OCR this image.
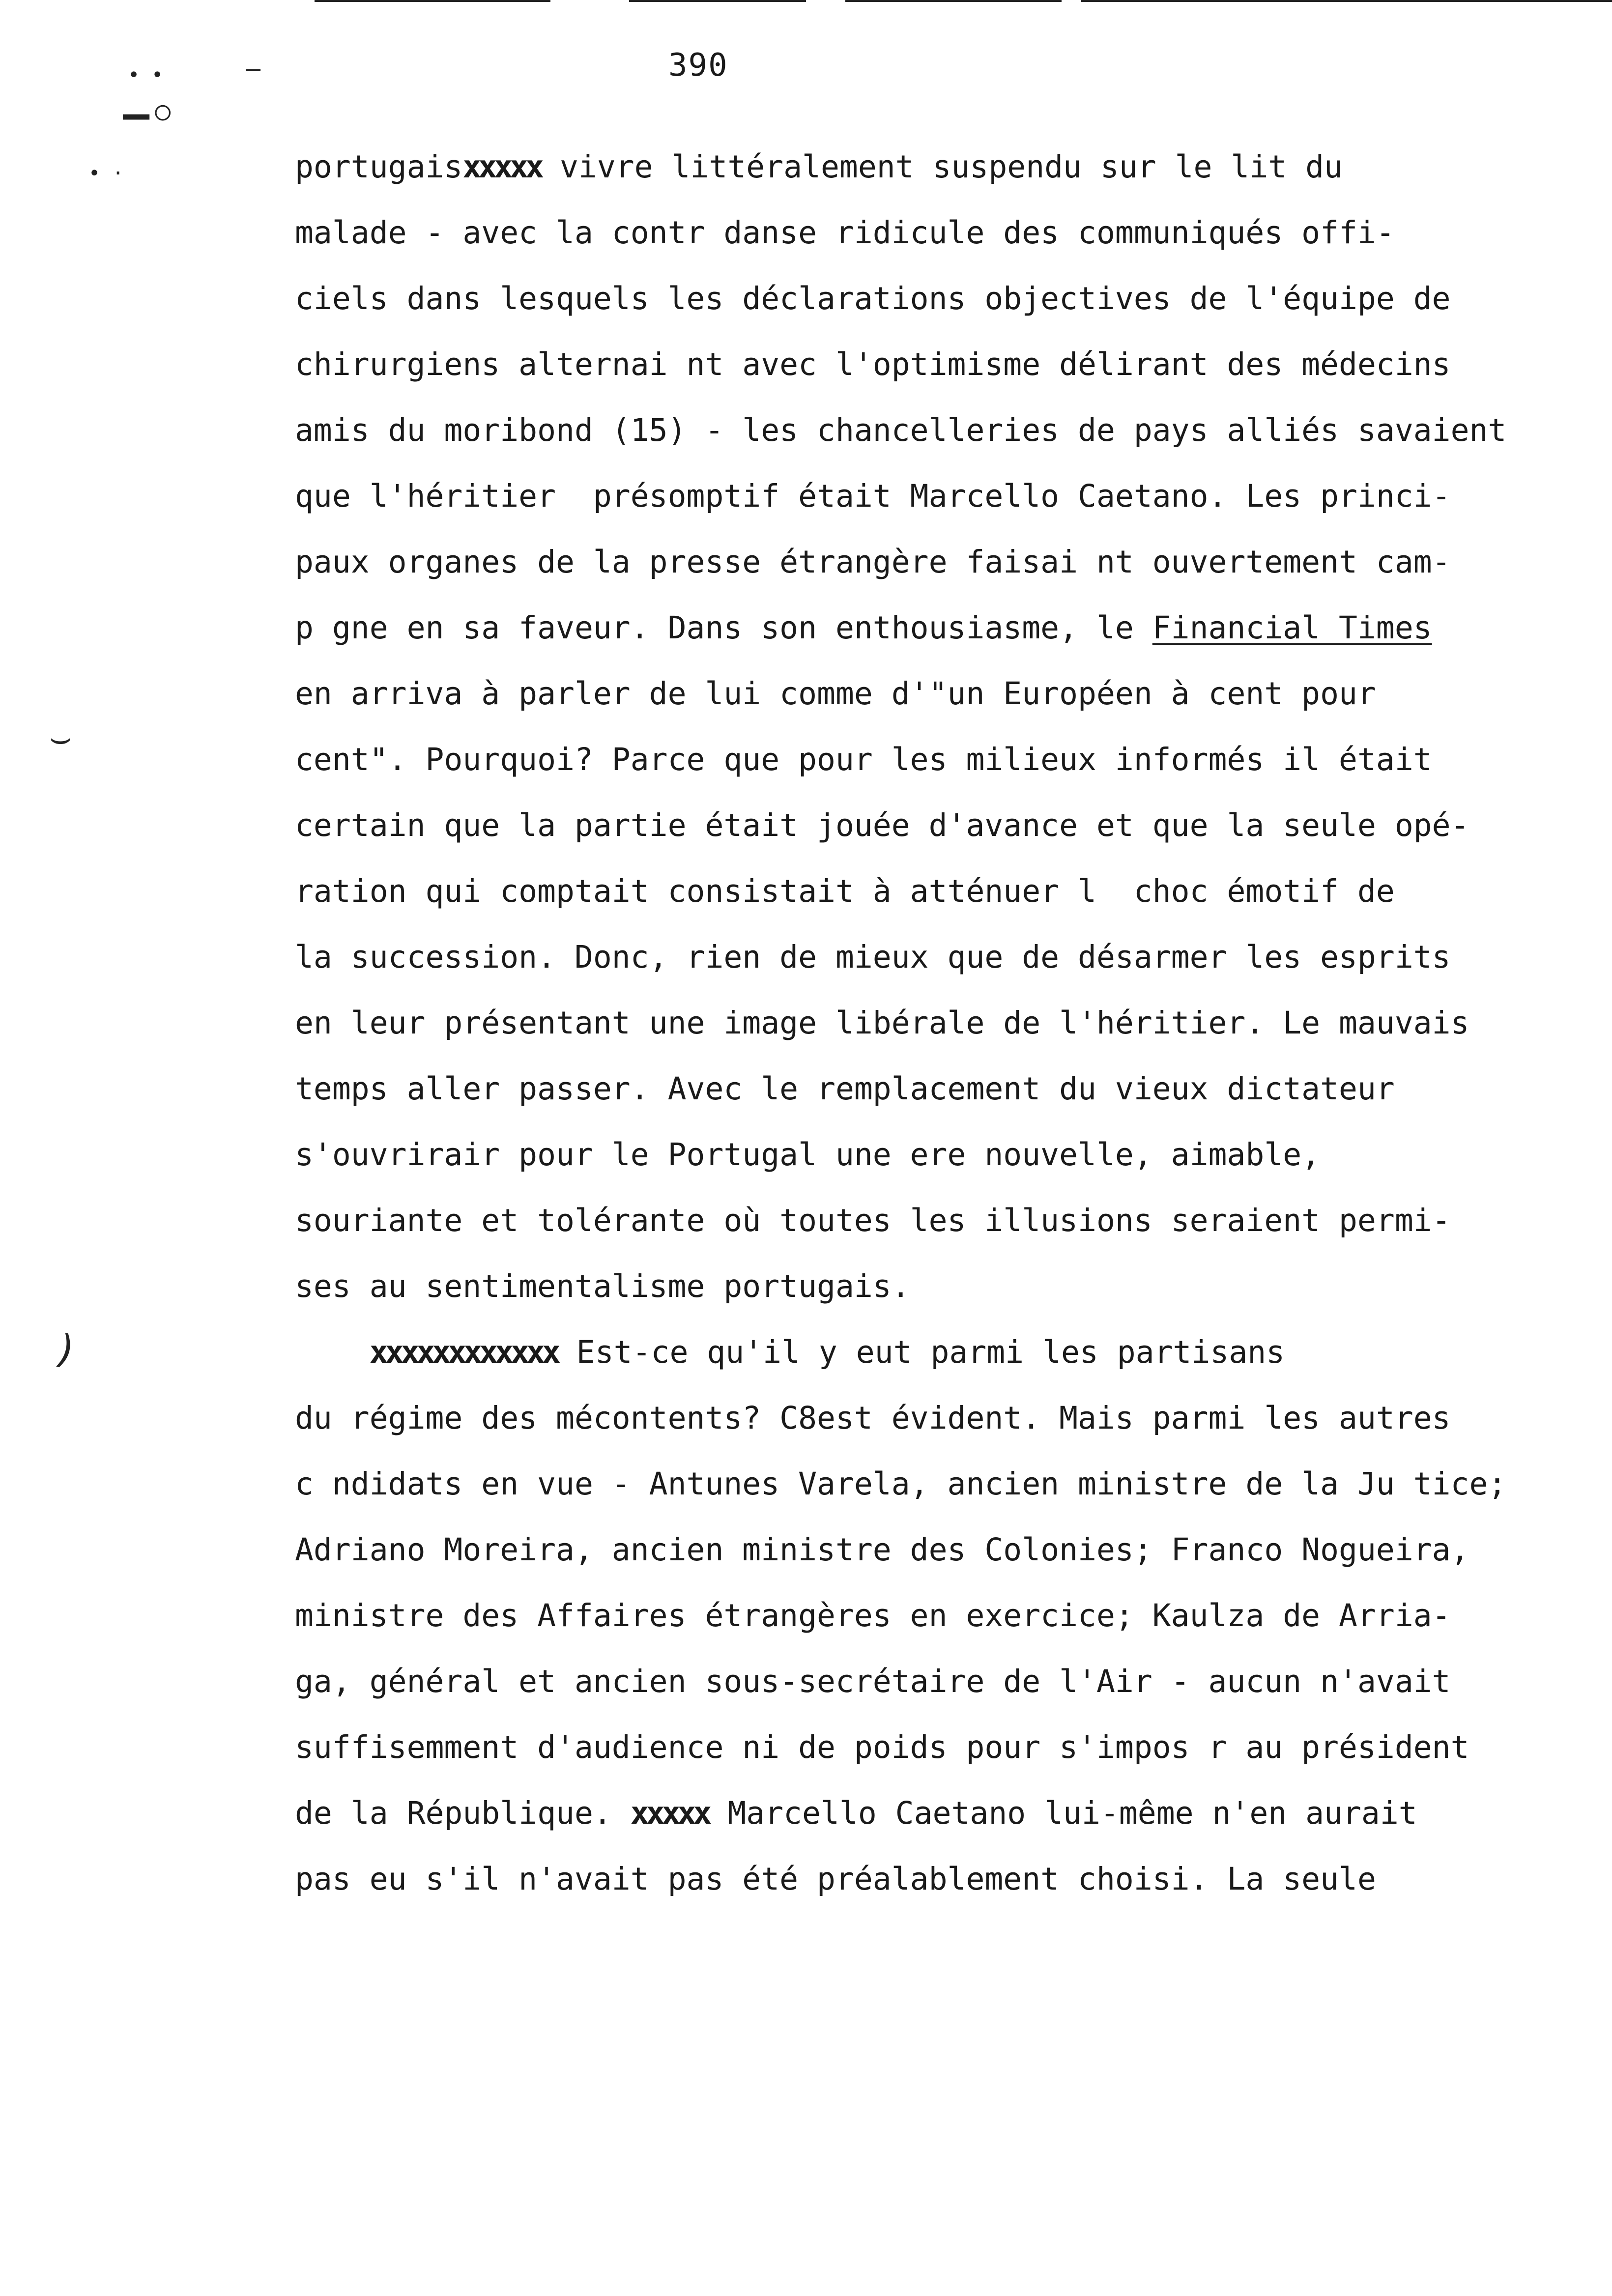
390
• •	—
―◦
• ·
⌣
)
portugaisxxxxx vivre littéralement suspendu sur le lit du
malade - avec la contr danse ridicule des communiqués offi-
ciels dans lesquels les déclarations objectives de l'équipe de
chirurgiens alternai nt avec l'optimisme délirant des médecins
amis du moribond (15) - les chancelleries de pays alliés savaient
que l'héritier  présomptif était Marcello Caetano. Les princi-
paux organes de la presse étrangère faisai nt ouvertement cam-
p gne en sa faveur. Dans son enthousiasme, le Financial Times
en arriva à parler de lui comme d'"un Européen à cent pour
cent". Pourquoi? Parce que pour les milieux informés il était
certain que la partie était jouée d'avance et que la seule opé-
ration qui comptait consistait à atténuer l  choc émotif de
la succession. Donc, rien de mieux que de désarmer les esprits
en leur présentant une image libérale de l'héritier. Le mauvais
temps aller passer. Avec le remplacement du vieux dictateur
s'ouvrirair pour le Portugal une ere nouvelle, aimable,
souriante et tolérante où toutes les illusions seraient permi-
ses au sentimentalisme portugais.
xxxxxxxxxxxx Est-ce qu'il y eut parmi les partisans
du régime des mécontents? C8est évident. Mais parmi les autres
c ndidats en vue - Antunes Varela, ancien ministre de la Ju tice;
Adriano Moreira, ancien ministre des Colonies; Franco Nogueira,
ministre des Affaires étrangères en exercice; Kaulza de Arria-
ga, général et ancien sous-secrétaire de l'Air - aucun n'avait
suffisemment d'audience ni de poids pour s'impos r au président
de la République. xxxxx Marcello Caetano lui-même n'en aurait
pas eu s'il n'avait pas été préalablement choisi. La seule
